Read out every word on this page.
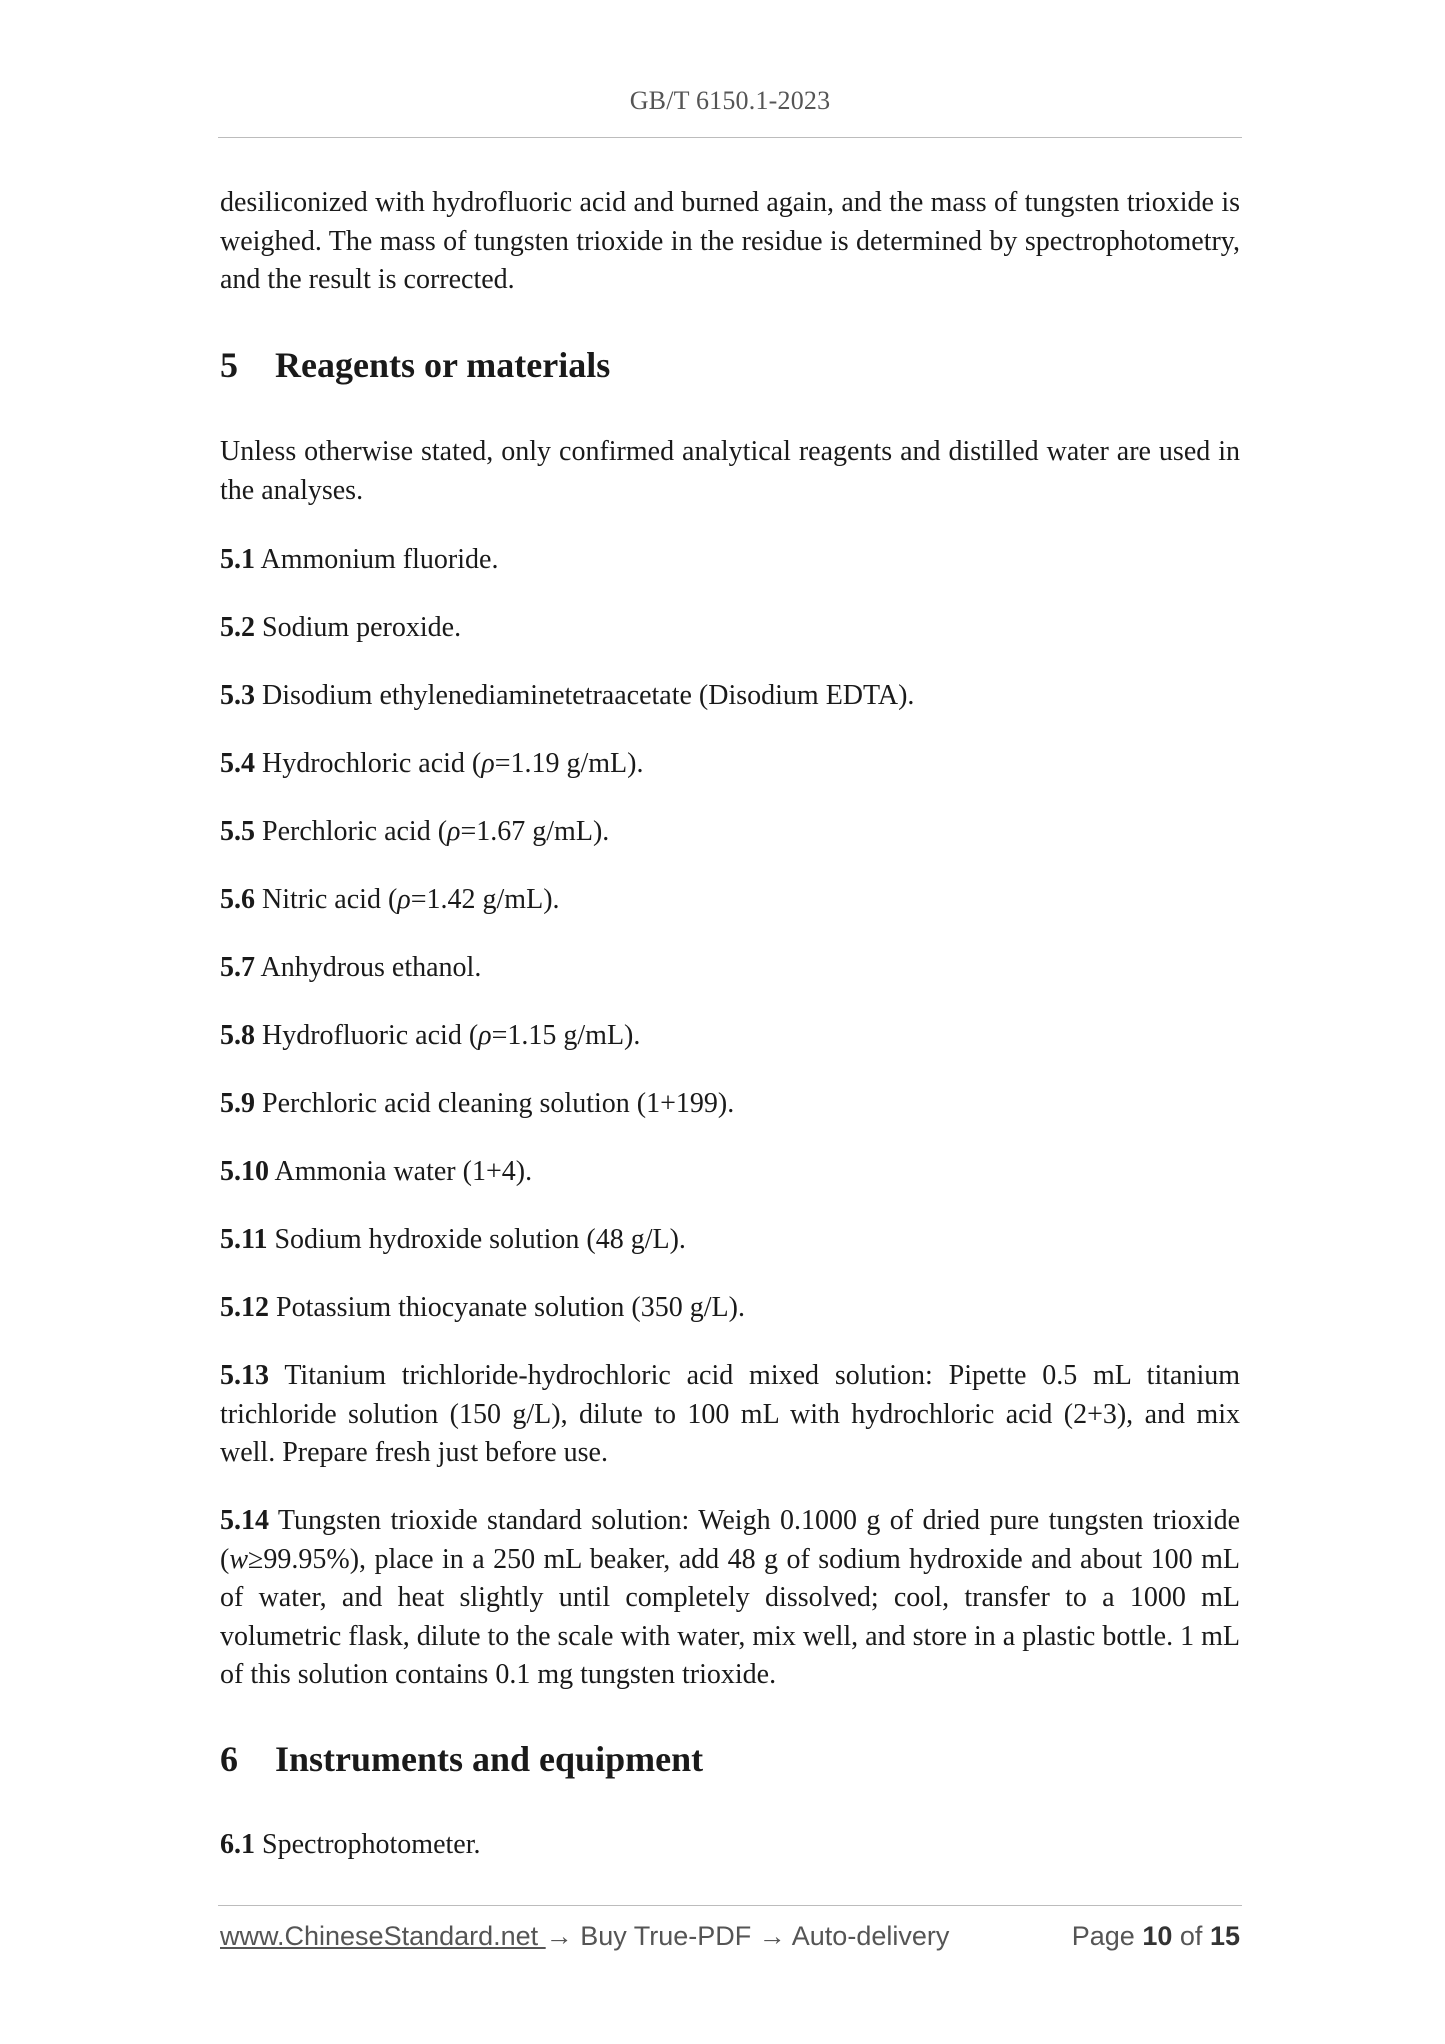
GB/T 6150.1-2023

desiliconized with hydrofluoric acid and burned again, and the mass of tungsten trioxide is weighed. The mass of tungsten trioxide in the residue is determined by spectrophotometry, and the result is corrected.

5 Reagents or materials

Unless otherwise stated, only confirmed analytical reagents and distilled water are used in the analyses.

5.1 Ammonium fluoride.

5.2 Sodium peroxide.

5.3 Disodium ethylenediaminetetraacetate (Disodium EDTA).

5.4 Hydrochloric acid (ρ=1.19 g/mL).

5.5 Perchloric acid (ρ=1.67 g/mL).

5.6 Nitric acid (ρ=1.42 g/mL).

5.7 Anhydrous ethanol.

5.8 Hydrofluoric acid (ρ=1.15 g/mL).

5.9 Perchloric acid cleaning solution (1+199).

5.10 Ammonia water (1+4).

5.11 Sodium hydroxide solution (48 g/L).

5.12 Potassium thiocyanate solution (350 g/L).

5.13 Titanium trichloride-hydrochloric acid mixed solution: Pipette 0.5 mL titanium trichloride solution (150 g/L), dilute to 100 mL with hydrochloric acid (2+3), and mix well. Prepare fresh just before use.

5.14 Tungsten trioxide standard solution: Weigh 0.1000 g of dried pure tungsten trioxide (w≥99.95%), place in a 250 mL beaker, add 48 g of sodium hydroxide and about 100 mL of water, and heat slightly until completely dissolved; cool, transfer to a 1000 mL volumetric flask, dilute to the scale with water, mix well, and store in a plastic bottle. 1 mL of this solution contains 0.1 mg tungsten trioxide.

6 Instruments and equipment

6.1 Spectrophotometer.

www.ChineseStandard.net → Buy True-PDF → Auto-delivery	Page 10 of 15
